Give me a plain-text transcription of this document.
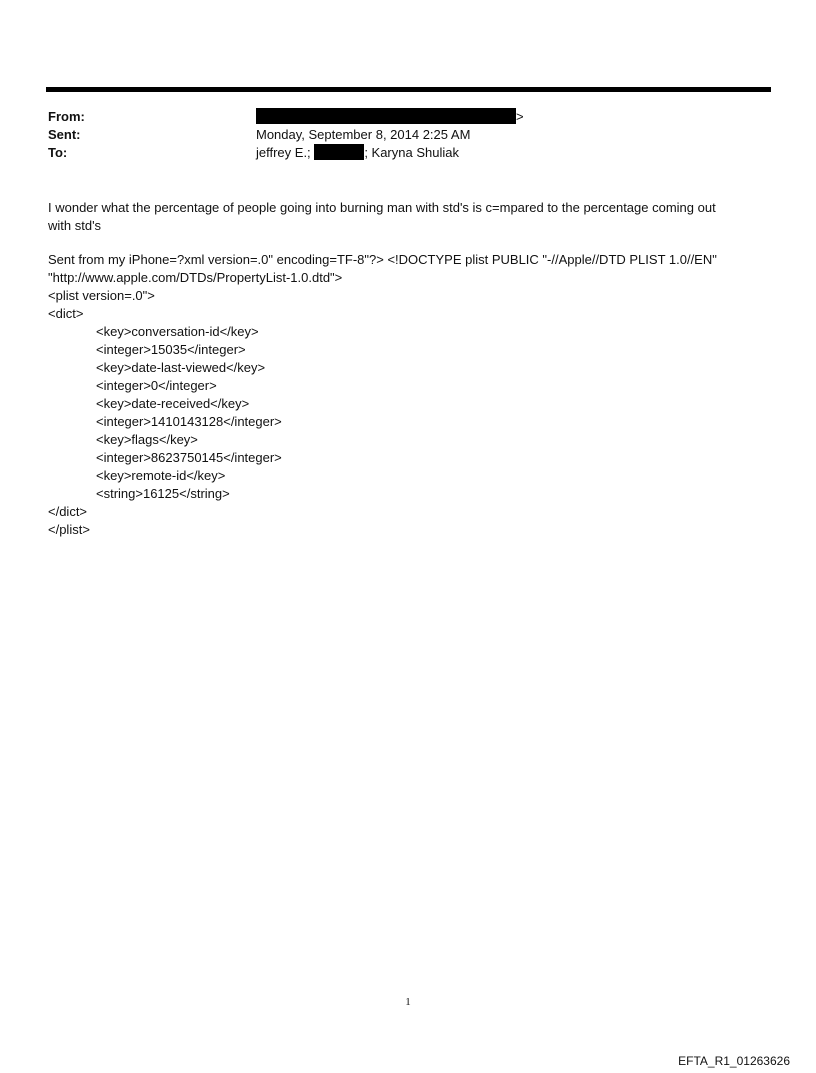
From:	>
Sent:	Monday, September 8, 2014 2:25 AM
To:	jeffrey E.;	; Karyna Shuliak
I wonder what the percentage of people going into burning man with std's is c=mpared to the percentage coming out
with std's
Sent from my iPhone=?xml version=.0" encoding=TF-8"?> <!DOCTYPE plist PUBLIC "-//Apple//DTD PLIST 1.0//EN"
"http://www.apple.com/DTDs/PropertyList-1.0.dtd">
<plist version=.0">
<dict>
<key>conversation-id</key>
<integer>15035</integer>
<key>date-last-viewed</key>
<integer>0</integer>
<key>date-received</key>
<integer>1410143128</integer>
<key>flags</key>
<integer>8623750145</integer>
<key>remote-id</key>
<string>16125</string>
</dict>
</plist>
1
EFTA_R1_01263626
